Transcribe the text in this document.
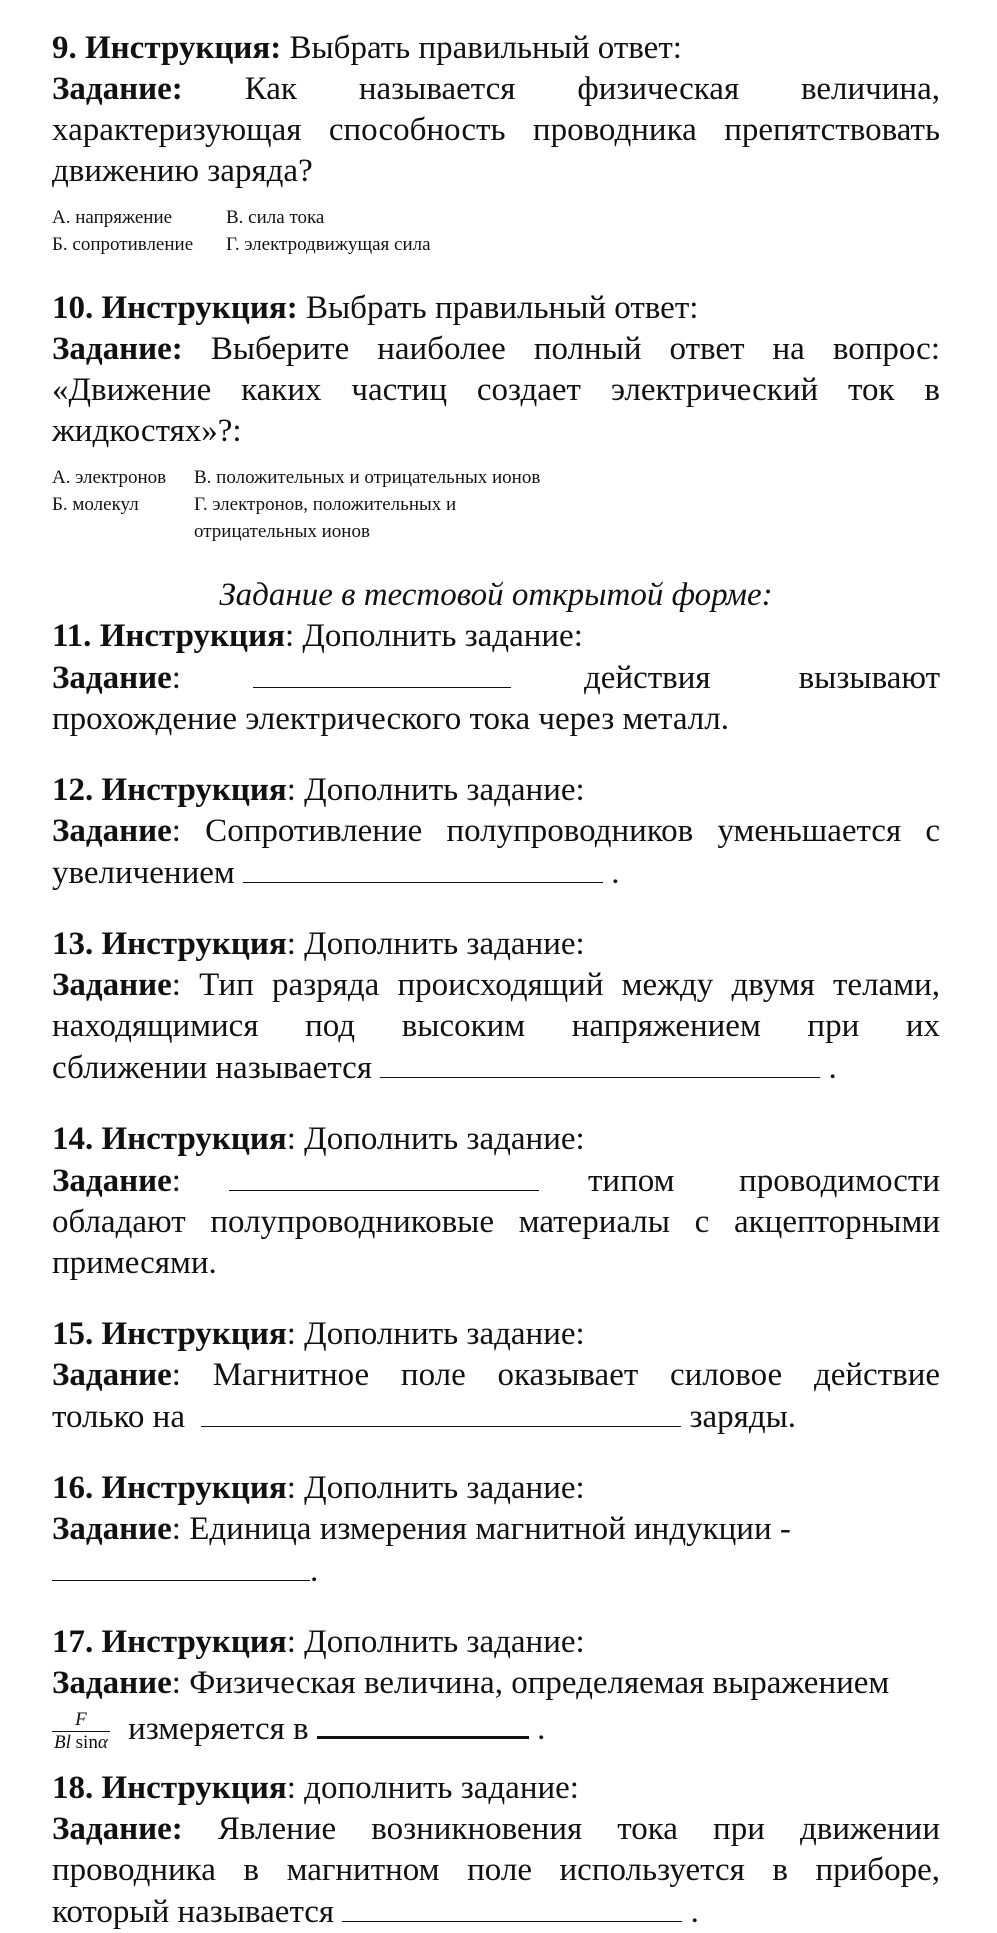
9. Инструкция: Выбрать правильный ответ:
Задание: Как называется физическая величина,
характеризующая способность проводника препятствовать
движению заряда?
А. напряжение	В. сила тока
Б. сопротивление	Г. электродвижущая сила
10. Инструкция: Выбрать правильный ответ:
Задание: Выберите наиболее полный ответ на вопрос:
«Движение каких частиц создает электрический ток в
жидкостях»?:
А. электронов	В. положительных и отрицательных ионов
Б. молекул	Г. электронов, положительных и
отрицательных ионов
Задание в тестовой открытой форме:
11. Инструкция: Дополнить задание:
Задание:	действия вызывают
прохождение электрического тока через металл.
12. Инструкция: Дополнить задание:
Задание: Сопротивление полупроводников уменьшается с
увеличением	.
13. Инструкция: Дополнить задание:
Задание: Тип разряда происходящий между двумя телами,
находящимися под высоким напряжением при их
сближении называется	.
14. Инструкция: Дополнить задание:
Задание:	типом проводимости
обладают полупроводниковые материалы с акцепторными
примесями.
15. Инструкция: Дополнить задание:
Задание: Магнитное поле оказывает силовое действие
только на	заряды.
16. Инструкция: Дополнить задание:
Задание: Единица измерения магнитной индукции -
.
17. Инструкция: Дополнить задание:
Задание: Физическая величина, определяемая выражением
$\frac{F}{\text{Bl sinα}}$ измеряется в	.
18. Инструкция: дополнить задание:
Задание: Явление возникновения тока при движении
проводника в магнитном поле используется в приборе,
который называется	.
